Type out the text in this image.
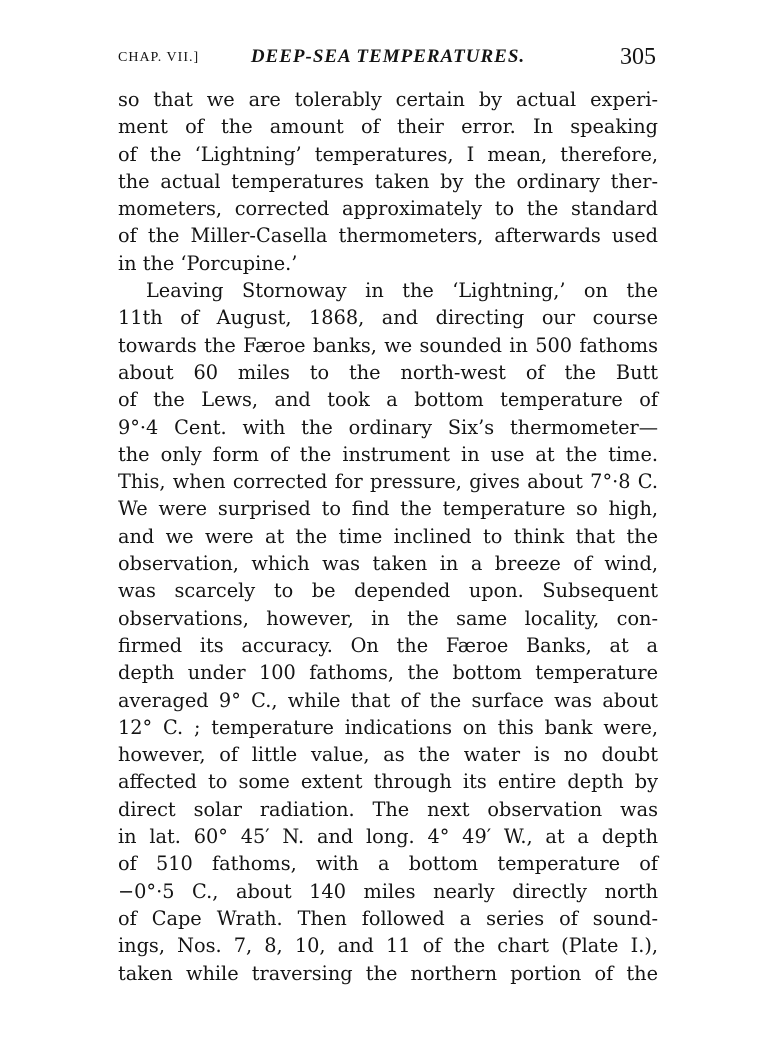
CHAP. VII.]	DEEP-SEA TEMPERATURES.	305
so that we are tolerably certain by actual experi-
ment of the amount of their error. In speaking
of the ‘Lightning’ temperatures, I mean, therefore,
the actual temperatures taken by the ordinary ther-
mometers, corrected approximately to the standard
of the Miller-Casella thermometers, afterwards used
in the ‘Porcupine.’
Leaving Stornoway in the ‘Lightning,’ on the
11th of August, 1868, and directing our course
towards the Færoe banks, we sounded in 500 fathoms
about 60 miles to the north-west of the Butt
of the Lews, and took a bottom temperature of
9°·4 Cent. with the ordinary Six’s thermometer—
the only form of the instrument in use at the time.
This, when corrected for pressure, gives about 7°·8 C.
We were surprised to find the temperature so high,
and we were at the time inclined to think that the
observation, which was taken in a breeze of wind,
was scarcely to be depended upon. Subsequent
observations, however, in the same locality, con-
firmed its accuracy. On the Færoe Banks, at a
depth under 100 fathoms, the bottom temperature
averaged 9° C., while that of the surface was about
12° C. ; temperature indications on this bank were,
however, of little value, as the water is no doubt
affected to some extent through its entire depth by
direct solar radiation. The next observation was
in lat. 60° 45′ N. and long. 4° 49′ W., at a depth
of 510 fathoms, with a bottom temperature of
−0°·5 C., about 140 miles nearly directly north
of Cape Wrath. Then followed a series of sound-
ings, Nos. 7, 8, 10, and 11 of the chart (Plate I.),
taken while traversing the northern portion of the
